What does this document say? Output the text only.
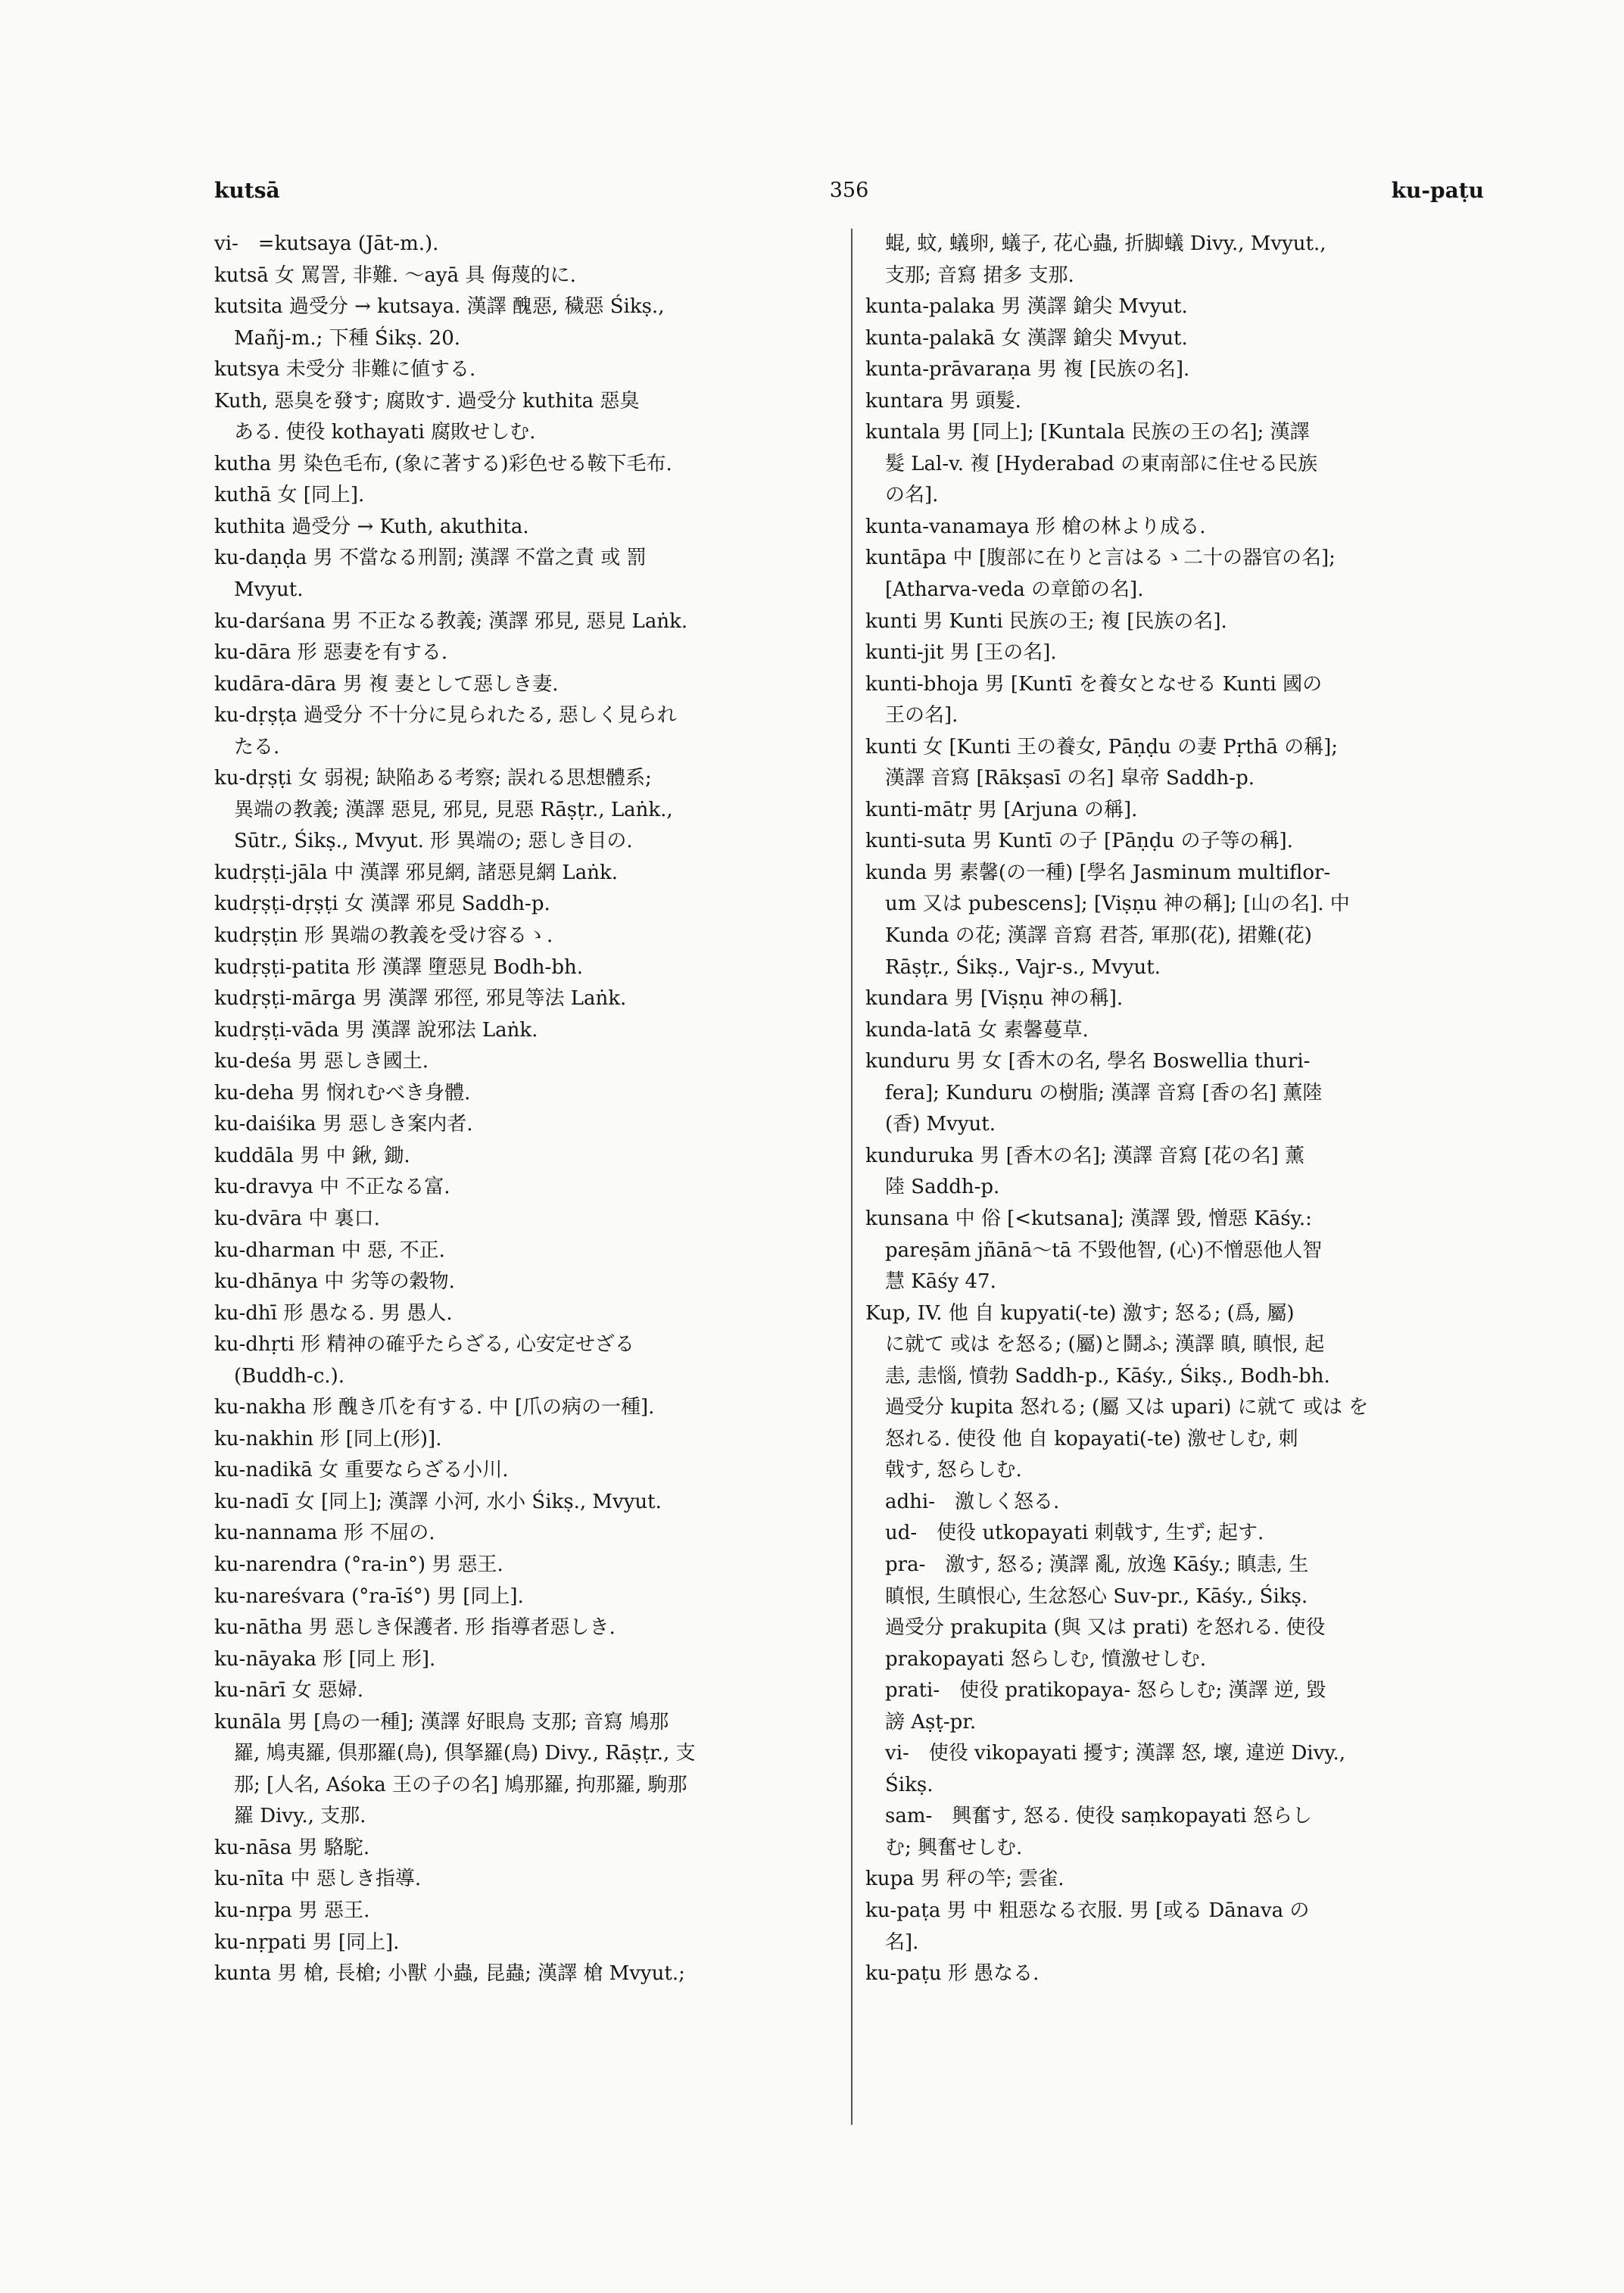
356
kutsā	ku-paṭu
vi-　=kutsaya (Jāt-m.).
kutsā 女 罵詈, 非難. ～ayā 具 侮蔑的に.
kutsita 過受分 → kutsaya. 漢譯 醜惡, 穢惡 Śikṣ.,
　Mañj-m.; 下種 Śikṣ. 20.
kutsya 未受分 非難に値する.
Kuth, 惡臭を發す; 腐敗す. 過受分 kuthita 惡臭
　ある. 使役 kothayati 腐敗せしむ.
kutha 男 染色毛布, (象に著する)彩色せる鞍下毛布.
kuthā 女 [同上].
kuthita 過受分 → Kuth, akuthita.
ku-daṇḍa 男 不當なる刑罰; 漢譯 不當之責 或 罰
　Mvyut.
ku-darśana 男 不正なる教義; 漢譯 邪見, 惡見 Laṅk.
ku-dāra 形 惡妻を有する.
kudāra-dāra 男 複 妻として惡しき妻.
ku-dṛṣṭa 過受分 不十分に見られたる, 惡しく見られ
　たる.
ku-dṛṣṭi 女 弱視; 缺陥ある考察; 誤れる思想體系;
　異端の教義; 漢譯 惡見, 邪見, 見惡 Rāṣṭr., Laṅk.,
　Sūtr., Śikṣ., Mvyut. 形 異端の; 惡しき目の.
kudṛṣṭi-jāla 中 漢譯 邪見網, 諸惡見網 Laṅk.
kudṛṣṭi-dṛṣṭi 女 漢譯 邪見 Saddh-p.
kudṛṣṭin 形 異端の教義を受け容るゝ.
kudṛṣṭi-patita 形 漢譯 墮惡見 Bodh-bh.
kudṛṣṭi-mārga 男 漢譯 邪徑, 邪見等法 Laṅk.
kudṛṣṭi-vāda 男 漢譯 說邪法 Laṅk.
ku-deśa 男 惡しき國土.
ku-deha 男 悯れむべき身體.
ku-daiśika 男 惡しき案内者.
kuddāla 男 中 鍬, 鋤.
ku-dravya 中 不正なる富.
ku-dvāra 中 裏口.
ku-dharman 中 惡, 不正.
ku-dhānya 中 劣等の穀物.
ku-dhī 形 愚なる. 男 愚人.
ku-dhṛti 形 精神の確乎たらざる, 心安定せざる
　(Buddh-c.).
ku-nakha 形 醜き爪を有する. 中 [爪の病の一種].
ku-nakhin 形 [同上(形)].
ku-nadikā 女 重要ならざる小川.
ku-nadī 女 [同上]; 漢譯 小河, 水小 Śikṣ., Mvyut.
ku-nannama 形 不屈の.
ku-narendra (°ra-in°) 男 惡王.
ku-nareśvara (°ra-īś°) 男 [同上].
ku-nātha 男 惡しき保護者. 形 指導者惡しき.
ku-nāyaka 形 [同上 形].
ku-nārī 女 惡婦.
kunāla 男 [鳥の一種]; 漢譯 好眼鳥 支那; 音寫 鳩那
　羅, 鳩夷羅, 倶那羅(鳥), 倶拏羅(鳥) Divy., Rāṣṭr., 支
　那; [人名, Aśoka 王の子の名] 鳩那羅, 拘那羅, 駒那
　羅 Divy., 支那.
ku-nāsa 男 駱駝.
ku-nīta 中 惡しき指導.
ku-nṛpa 男 惡王.
ku-nṛpati 男 [同上].
kunta 男 槍, 長槍; 小獸 小蟲, 昆蟲; 漢譯 槍 Mvyut.;
　蜫, 蚊, 蟻卵, 蟻子, 花心蟲, 折脚蟻 Divy., Mvyut.,
　支那; 音寫 捃多 支那.
kunta-palaka 男 漢譯 鎗尖 Mvyut.
kunta-palakā 女 漢譯 鎗尖 Mvyut.
kunta-prāvaraṇa 男 複 [民族の名].
kuntara 男 頭髮.
kuntala 男 [同上]; [Kuntala 民族の王の名]; 漢譯
　髮 Lal-v. 複 [Hyderabad の東南部に住せる民族
　の名].
kunta-vanamaya 形 槍の林より成る.
kuntāpa 中 [腹部に在りと言はるゝ二十の器官の名];
　[Atharva-veda の章節の名].
kunti 男 Kunti 民族の王; 複 [民族の名].
kunti-jit 男 [王の名].
kunti-bhoja 男 [Kuntī を養女となせる Kunti 國の
　王の名].
kunti 女 [Kunti 王の養女, Pāṇḍu の妻 Pṛthā の稱];
　漢譯 音寫 [Rākṣasī の名] 皐帝 Saddh-p.
kunti-mātṛ 男 [Arjuna の稱].
kunti-suta 男 Kuntī の子 [Pāṇḍu の子等の稱].
kunda 男 素馨(の一種) [學名 Jasminum multiflor-
　um 又は pubescens]; [Viṣṇu 神の稱]; [山の名]. 中
　Kunda の花; 漢譯 音寫 君荅, 軍那(花), 捃難(花)
　Rāṣṭr., Śikṣ., Vajr-s., Mvyut.
kundara 男 [Viṣṇu 神の稱].
kunda-latā 女 素馨蔓草.
kunduru 男 女 [香木の名, 學名 Boswellia thuri-
　fera]; Kunduru の樹脂; 漢譯 音寫 [香の名] 薰陸
　(香) Mvyut.
kunduruka 男 [香木の名]; 漢譯 音寫 [花の名] 薰
　陸 Saddh-p.
kunsana 中 俗 [<kutsana]; 漢譯 毀, 憎惡 Kāśy.:
　pareṣām jñānā～tā 不毀他智, (心)不憎惡他人智
　慧 Kāśy 47.
Kup, IV. 他 自 kupyati(-te) 激す; 怒る; (爲, 屬)
　に就て 或は を怒る; (屬)と鬪ふ; 漢譯 瞋, 瞋恨, 起
　恚, 恚惱, 憤勃 Saddh-p., Kāśy., Śikṣ., Bodh-bh.
　過受分 kupita 怒れる; (屬 又は upari) に就て 或は を
　怒れる. 使役 他 自 kopayati(-te) 激せしむ, 刺
　戟す, 怒らしむ.
　adhi-　激しく怒る.
　ud-　使役 utkopayati 刺戟す, 生ず; 起す.
　pra-　激す, 怒る; 漢譯 亂, 放逸 Kāśy.; 瞋恚, 生
　瞋恨, 生瞋恨心, 生忿怒心 Suv-pr., Kāśy., Śikṣ.
　過受分 prakupita (與 又は prati) を怒れる. 使役
　prakopayati 怒らしむ, 憤激せしむ.
　prati-　使役 pratikopaya- 怒らしむ; 漢譯 逆, 毀
　謗 Aṣṭ-pr.
　vi-　使役 vikopayati 擾す; 漢譯 怒, 壞, 違逆 Divy.,
　Śikṣ.
　sam-　興奮す, 怒る. 使役 saṃkopayati 怒らし
　む; 興奮せしむ.
kupa 男 秤の竿; 雲雀.
ku-paṭa 男 中 粗惡なる衣服. 男 [或る Dānava の
　名].
ku-paṭu 形 愚なる.
